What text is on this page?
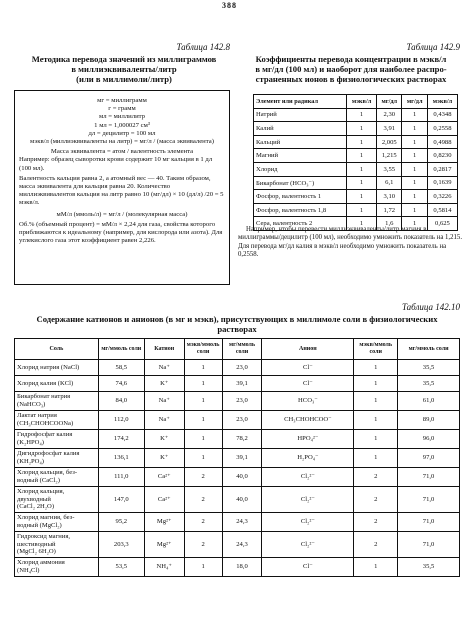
388
Таблица 142.8
Методика перевода значений из миллиграммов
в миллиэквиваленты/литр
(или в миллимоли/литр)
мг = миллиграмм
г = грамм
мл = миллилитр
1 мл = 1,000027 см³
дл = децилитр = 100 мл
мэкв/л (миллиэквиваленты на литр) = мг/л / (масса эквивалента)

Масса эквивалента = атом / валентность элемента

Например: образец сыворотки крови содержит 10 мг кальция в 1 дл (100 мл).

Валентность кальция равна 2, а атомный вес — 40. Таким образом, масса эквивалента для кальция равна 20. Количество миллиэквивалентов кальция на литр равно 10 (мг/дл) × 10 (дл/л) /20 = 5 мэкв/л.

мМ/л (ммоль/л) = мг/л / (молекулярная масса)

Об.% (объемный процент) = мМ/л × 2,24 для газа, свойства которого приближаются к идеальному (например, для кислорода или азота). Для углекислого газа этот коэффициент равен 2,226.

Таблица 142.9
Коэффициенты перевода концентрации в мэкв/л
в мг/дл (100 мл) и наоборот для наиболее распро-
страненных ионов в физиологических растворах
Элемент или радикал	мэкв/л	мг/дл	мг/дл	мэкв/л
Натрий	1	2,30	1	0,4348
Калий	1	3,91	1	0,2558
Кальций	1	2,005	1	0,4988
Магний	1	1,215	1	0,8230
Хлорид	1	3,55	1	0,2817
Бикарбонат (HCO₃⁻)	1	6,1	1	0,1639
Фосфор, валентность 1	1	3,10	1	0,3226
Фосфор, валентность 1,8	1	1,72	1	0,5814
Сера, валентность 2	1	1,6	1	0,625
Например, чтобы перевести миллиэквиваленты/литр магния в миллиграммы/децилитр (100 мл), необходимо умножить показатель на 1,215. Для перевода мг/дл калия в мэкв/л необходимо умножить показатель на 0,2558.
Таблица 142.10
Содержание катионов и анионов (в мг и мэкв), присутствующих в миллимоле соли в физиологических
растворах
Соль	мг/ммоль соли	Катион	мэкв/ммоль соли	мг/ммоль соли	Анион	мэкв/ммоль соли	мг/ммоль соли

Хлорид натрия (NaCl)	58,5	Na⁺	1	23,0	Cl⁻	1	35,5

Хлорид калия (KCl)	74,6	K⁺	1	39,1	Cl⁻	1	35,5

Бикарбонат натрия
(NaHCO₃)	84,0	Na⁺	1	23,0	HCO₃⁻	1	61,0

Лактат натрия
(CH₃CHOHCOONa)	112,0	Na⁺	1	23,0	CH₃CHOHCOO⁻	1	89,0

Гидрофосфат калия
(K₂HPO₄)	174,2	K⁺	1	78,2	HPO₄²⁻	1	96,0

Дигидрофосфат калия
(KH₂PO₄)	136,1	K⁺	1	39,1	H₂PO₄⁻	1	97,0

Хлорид кальция, без-
водный (CaCl₂)	111,0	Ca²⁺	2	40,0	Cl₂²⁻	2	71,0

Хлорид кальция,
двухводный
(CaCl₂ 2H₂O)	147,0	Ca²⁺	2	40,0	Cl₂²⁻	2	71,0

Хлорид магния, без-
водный (MgCl₂)	95,2	Mg²⁺	2	24,3	Cl₂²⁻	2	71,0

Гидроксид магния,
шестиводный
(MgCl₂ 6H₂O)	203,3	Mg²⁺	2	24,3	Cl₂²⁻	2	71,0

Хлорид аммония
(NH₄Cl)	53,5	NH₄⁺	1	18,0	Cl⁻	1	35,5
